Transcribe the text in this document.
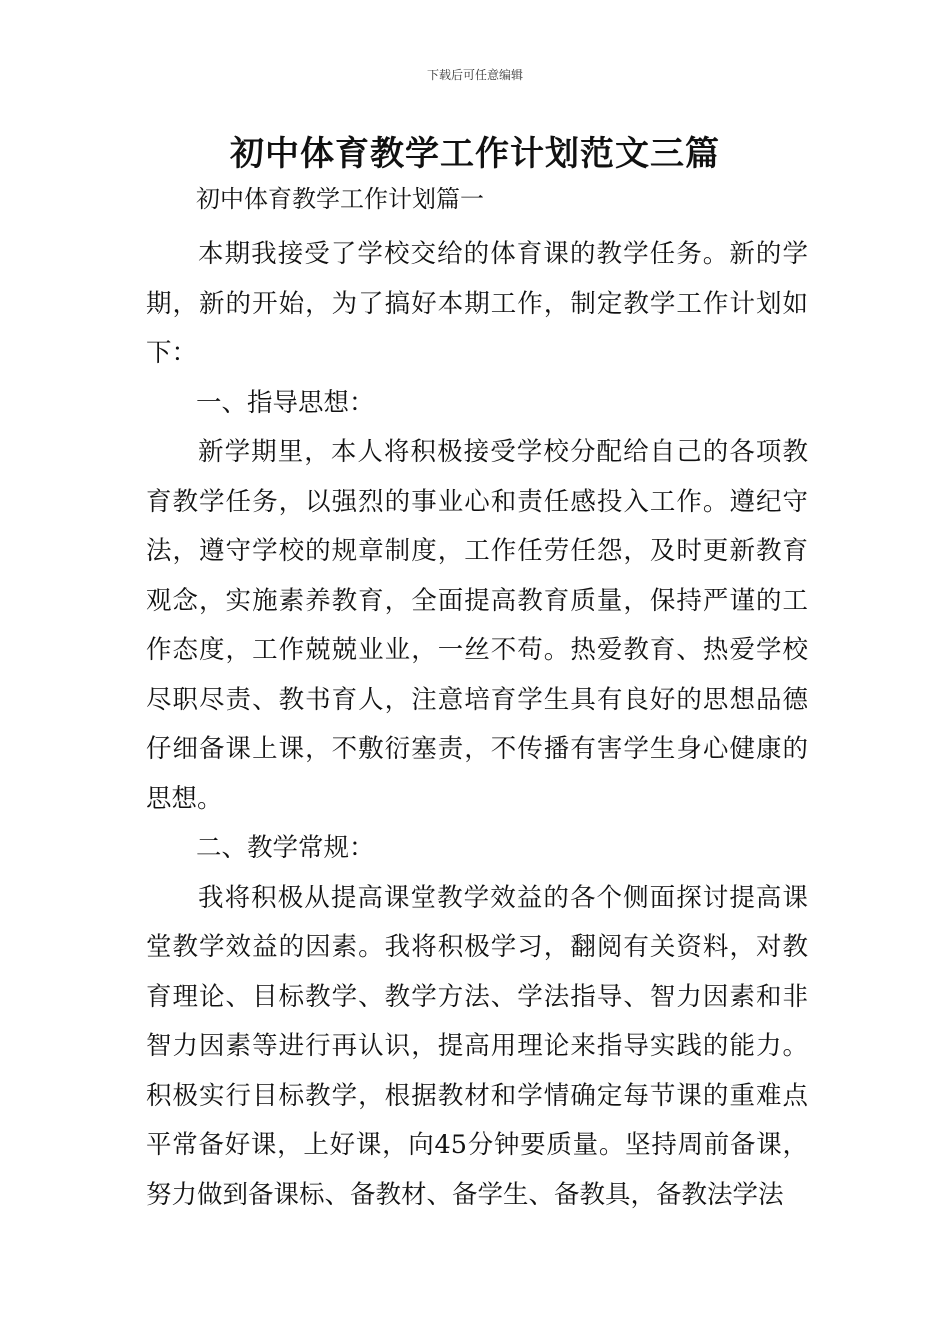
下载后可任意编辑
初中体育教学工作计划范文三篇

初中体育教学工作计划篇一

本期我接受了学校交给的体育课的教学任务。新的学期，新的开始，为了搞好本期工作，制定教学工作计划如下：

一、指导思想：

新学期里，本人将积极接受学校分配给自己的各项教育教学任务，以强烈的事业心和责任感投入工作。遵纪守法，遵守学校的规章制度，工作任劳任怨，及时更新教育观念，实施素养教育，全面提高教育质量，保持严谨的工作态度，工作兢兢业业，一丝不苟。热爱教育、热爱学校尽职尽责、教书育人，注意培育学生具有良好的思想品德仔细备课上课，不敷衍塞责，不传播有害学生身心健康的思想。

二、教学常规：

我将积极从提高课堂教学效益的各个侧面探讨提高课堂教学效益的因素。我将积极学习，翻阅有关资料，对教育理论、目标教学、教学方法、学法指导、智力因素和非智力因素等进行再认识，提高用理论来指导实践的能力。积极实行目标教学，根据教材和学情确定每节课的重难点平常备好课，上好课，向45分钟要质量。坚持周前备课，努力做到备课标、备教材、备学生、备教具，备教法学法
